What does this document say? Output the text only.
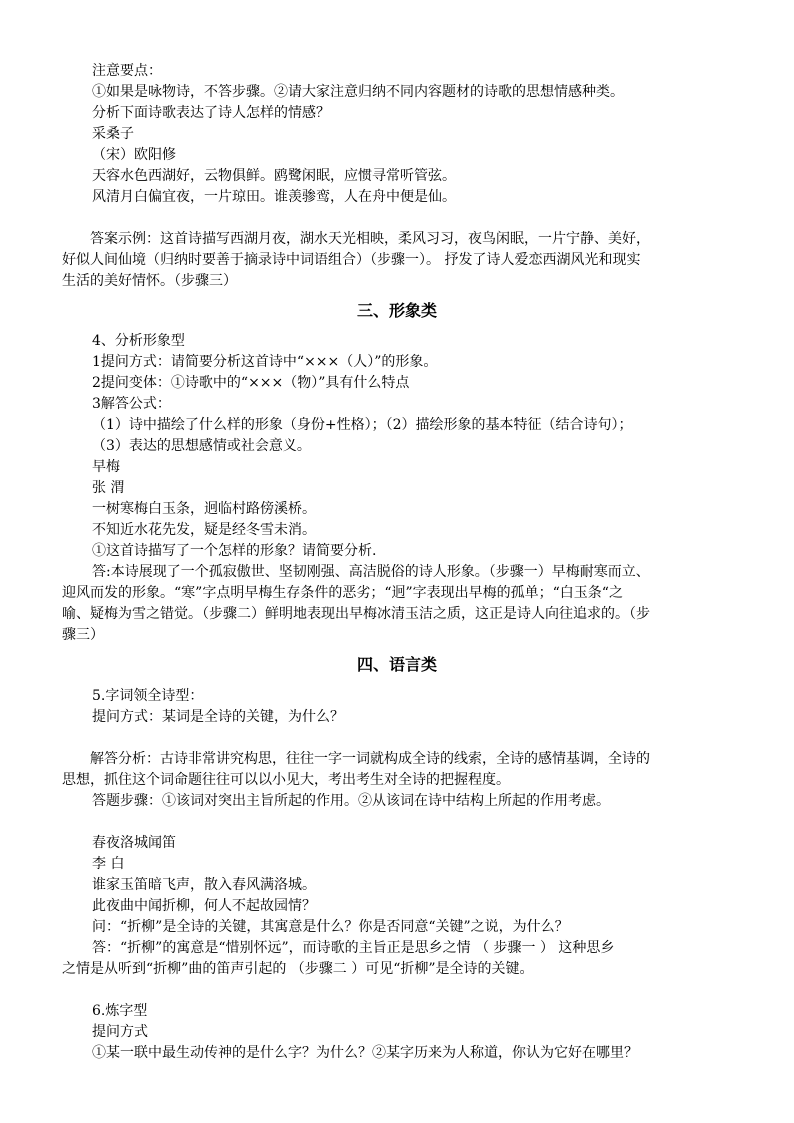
注意要点：
①如果是咏物诗，不答步骤。②请大家注意归纳不同内容题材的诗歌的思想情感种类。
分析下面诗歌表达了诗人怎样的情感？
采桑子
（宋）欧阳修
天容水色西湖好，云物俱鲜。鸥鹭闲眠，应惯寻常听管弦。
风清月白偏宜夜，一片琼田。谁羡骖鸾，人在舟中便是仙。
答案示例：这首诗描写西湖月夜，湖水天光相映，柔风习习，夜鸟闲眠，一片宁静、美好，
好似人间仙境（归纳时要善于摘录诗中词语组合）（步骤一）。 抒发了诗人爱恋西湖风光和现实
生活的美好情怀。（步骤三）
三、形象类
4、分析形象型
1提问方式：请简要分析这首诗中“×××（人）”的形象。
2提问变体：①诗歌中的“×××（物）”具有什么特点
3解答公式：
（1）诗中描绘了什么样的形象（身份+性格）；（2）描绘形象的基本特征（结合诗句）；
（3）表达的思想感情或社会意义。
早梅
张 渭
一树寒梅白玉条，迥临村路傍溪桥。
不知近水花先发，疑是经冬雪未消。
①这首诗描写了一个怎样的形象？请简要分析.
答:本诗展现了一个孤寂傲世、坚韧刚强、高洁脱俗的诗人形象。（步骤一）早梅耐寒而立、
迎风而发的形象。“寒”字点明早梅生存条件的恶劣；“迥”字表现出早梅的孤单；“白玉条“之
喻、疑梅为雪之错觉。（步骤二）鲜明地表现出早梅冰清玉洁之质，这正是诗人向往追求的。（步
骤三）
四、语言类
5.字词领全诗型：
提问方式：某词是全诗的关键，为什么？
解答分析：古诗非常讲究构思，往往一字一词就构成全诗的线索，全诗的感情基调，全诗的
思想，抓住这个词命题往往可以以小见大，考出考生对全诗的把握程度。
答题步骤：①该词对突出主旨所起的作用。②从该词在诗中结构上所起的作用考虑。
春夜洛城闻笛
李 白
谁家玉笛暗飞声，散入春风满洛城。
此夜曲中闻折柳，何人不起故园情？
问：“折柳”是全诗的关键，其寓意是什么？你是否同意“关键”之说，为什么？
答：“折柳”的寓意是“惜别怀远”，而诗歌的主旨正是思乡之情 （ 步骤一 ） 这种思乡
之情是从听到“折柳”曲的笛声引起的 （步骤二 ）可见“折柳”是全诗的关键。
6.炼字型
提问方式
①某一联中最生动传神的是什么字？为什么？②某字历来为人称道，你认为它好在哪里？
